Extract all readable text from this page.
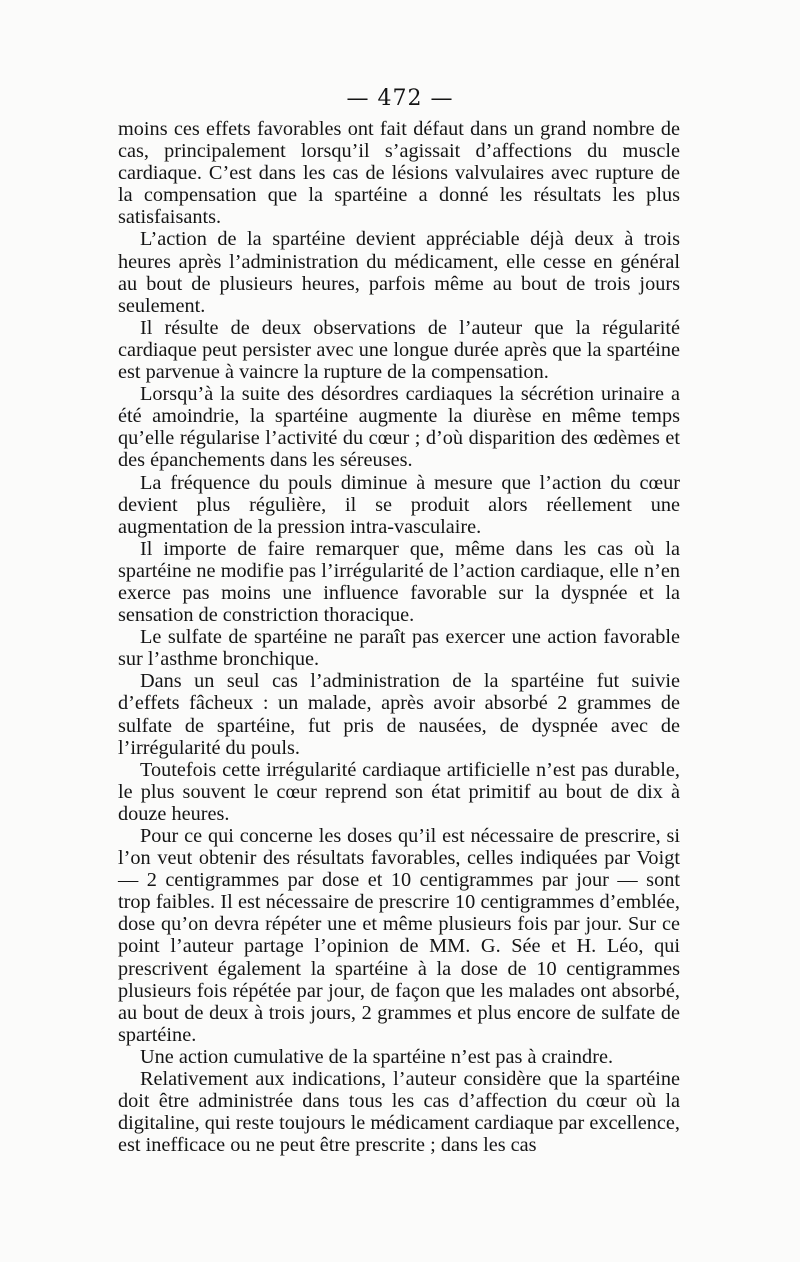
— 472 —

moins ces effets favorables ont fait défaut dans un grand nombre de cas, principalement lorsqu’il s’agissait d’affections du muscle cardiaque. C’est dans les cas de lésions valvulaires avec rupture de la compensation que la spartéine a donné les résultats les plus satisfaisants.

L’action de la spartéine devient appréciable déjà deux à trois heures après l’administration du médicament, elle cesse en général au bout de plusieurs heures, parfois même au bout de trois jours seulement.

Il résulte de deux observations de l’auteur que la régularité cardiaque peut persister avec une longue durée après que la spartéine est parvenue à vaincre la rupture de la compensation.

Lorsqu’à la suite des désordres cardiaques la sécrétion urinaire a été amoindrie, la spartéine augmente la diurèse en même temps qu’elle régularise l’activité du cœur ; d’où disparition des œdèmes et des épanchements dans les séreuses.

La fréquence du pouls diminue à mesure que l’action du cœur devient plus régulière, il se produit alors réellement une augmentation de la pression intra-vasculaire.

Il importe de faire remarquer que, même dans les cas où la spartéine ne modifie pas l’irrégularité de l’action cardiaque, elle n’en exerce pas moins une influence favorable sur la dyspnée et la sensation de constriction thoracique.

Le sulfate de spartéine ne paraît pas exercer une action favorable sur l’asthme bronchique.

Dans un seul cas l’administration de la spartéine fut suivie d’effets fâcheux : un malade, après avoir absorbé 2 grammes de sulfate de spartéine, fut pris de nausées, de dyspnée avec de l’irrégularité du pouls.

Toutefois cette irrégularité cardiaque artificielle n’est pas durable, le plus souvent le cœur reprend son état primitif au bout de dix à douze heures.

Pour ce qui concerne les doses qu’il est nécessaire de prescrire, si l’on veut obtenir des résultats favorables, celles indiquées par Voigt — 2 centigrammes par dose et 10 centigrammes par jour — sont trop faibles. Il est nécessaire de prescrire 10 centigrammes d’emblée, dose qu’on devra répéter une et même plusieurs fois par jour. Sur ce point l’auteur partage l’opinion de MM. G. Sée et H. Léo, qui prescrivent également la spartéine à la dose de 10 centigrammes plusieurs fois répétée par jour, de façon que les malades ont absorbé, au bout de deux à trois jours, 2 grammes et plus encore de sulfate de spartéine.

Une action cumulative de la spartéine n’est pas à craindre.

Relativement aux indications, l’auteur considère que la spartéine doit être administrée dans tous les cas d’affection du cœur où la digitaline, qui reste toujours le médicament cardiaque par excellence, est inefficace ou ne peut être prescrite ; dans les cas
